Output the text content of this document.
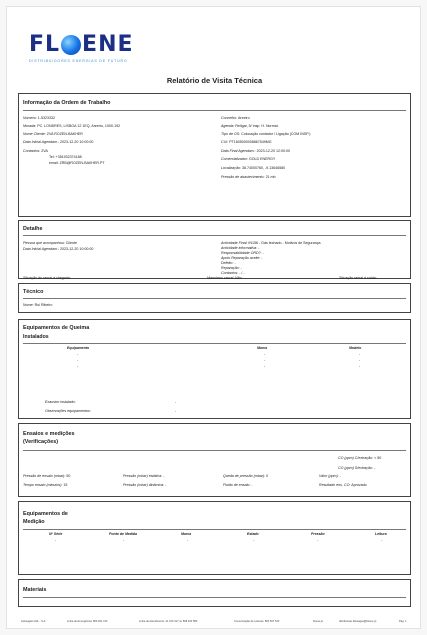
FL ENE
DISTRIBUIDORES ENERGIAS DE FUTURO
Relatório de Visita Técnica
Informação da Ordem de Trabalho
Número: 1-5323332
Morada: PC. LONDRES, LISBOA 12 1EQ, Areeiro, 1000-192
Nome Cliente: ZVA ROZEN-BAKHER
Data Inicial Agendam.: 2023-12-20 10:00:00
Contactos: ZVA
Tel: +351932374188
email: ZRB@ROZEN-BAKHER.PT
Concelho: Areeiro
Agenda: Religar, 5/ Insp. H. Normal.
Tipo de OS: Colocação contador / Ligação (COM INSP.)
CUI: PT1605000008867549MG
Data Final Agendam.: 2023-12-20 12:00:00
Comercializador: GOLD ENERGY
Localização: 38.74000760, -9.13646580
Pressão de abastecimento: 21 mb
Detalhe
Pessoa que acompanhou: Cliente
Data Inicial Agendam.: 2023-12-20 10:00:00
Actividade Final: IN156 - Gás fechado - Motivos de Segurança
Actividade informativa: -
Responsabilidade ORD?: -
Apoio Reparação aceite: -
Defeito: -
Reparação: -
Contactos: - / -
Situação do ramal à chegada: -	Manobrou ramal: Não	Situação ramal à saída: -
Técnico
Nome: Rui Ribeiro
Equipamentos de Queima
Instalados
Equipamento	Marca	Modelo
-	-	-
-	-	-
-	-	-
Exaustor instalado:	-
Observações equipamentos:	-
Ensaios e medições
(Verificações)
CO (ppm) C/extração: < 50
CO (ppm) S/extração: -
Pressão de ensaio (mbar): 50	Pressão (mbar) estática: -	Queda de pressão (mbar): 0	Valor (ppm): -
Tempo ensaio (minutos): 15	Pressão (mbar) dinâmica: -	Fluido de ensaio: -	Resultado ens. CO: Aprovado
Equipamentos de
Medição
Nº Série	Ponto de Medida	Marca	Estado	Pressão	Leitura
-	-	-	-	-	-
Materiais
Lisboagás GDL - S.A.	Linha de Emergência: 800 201 722	Linha de Atendimento: 21 100 417 ou 808 200 583	Comunicação de Leituras: 800 507 513	floene.pt	distribuicao.lisboagas@floene.pt	Pág. 1
